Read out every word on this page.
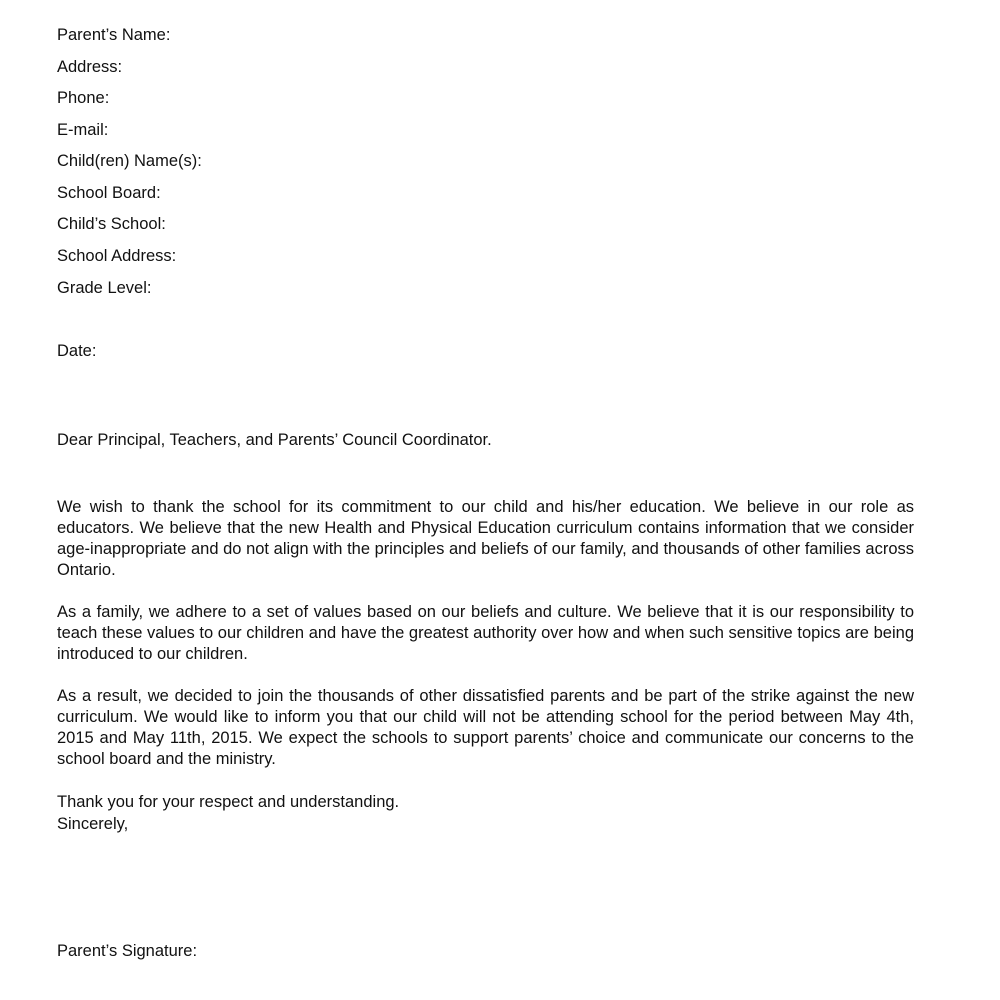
Parent’s Name:
Address:
Phone:
E-mail:
Child(ren) Name(s):
School Board:
Child’s School:
School Address:
Grade Level:
Date:
Dear Principal, Teachers, and Parents’ Council Coordinator.

We wish to thank the school for its commitment to our child and his/her education. We believe in our role as educators. We believe that the new Health and Physical Education curriculum contains information that we consider age-inappropriate and do not align with the principles and beliefs of our family, and thousands of other families across Ontario.

As a family, we adhere to a set of values based on our beliefs and culture. We believe that it is our responsibility to teach these values to our children and have the greatest authority over how and when such sensitive topics are being introduced to our children.

As a result, we decided to join the thousands of other dissatisfied parents and be part of the strike against the new curriculum. We would like to inform you that our child will not be attending school for the period between May 4th, 2015 and May 11th, 2015. We expect the schools to support parents’ choice and communicate our concerns to the school board and the ministry.

Thank you for your respect and understanding.
Sincerely,
Parent’s Signature:
